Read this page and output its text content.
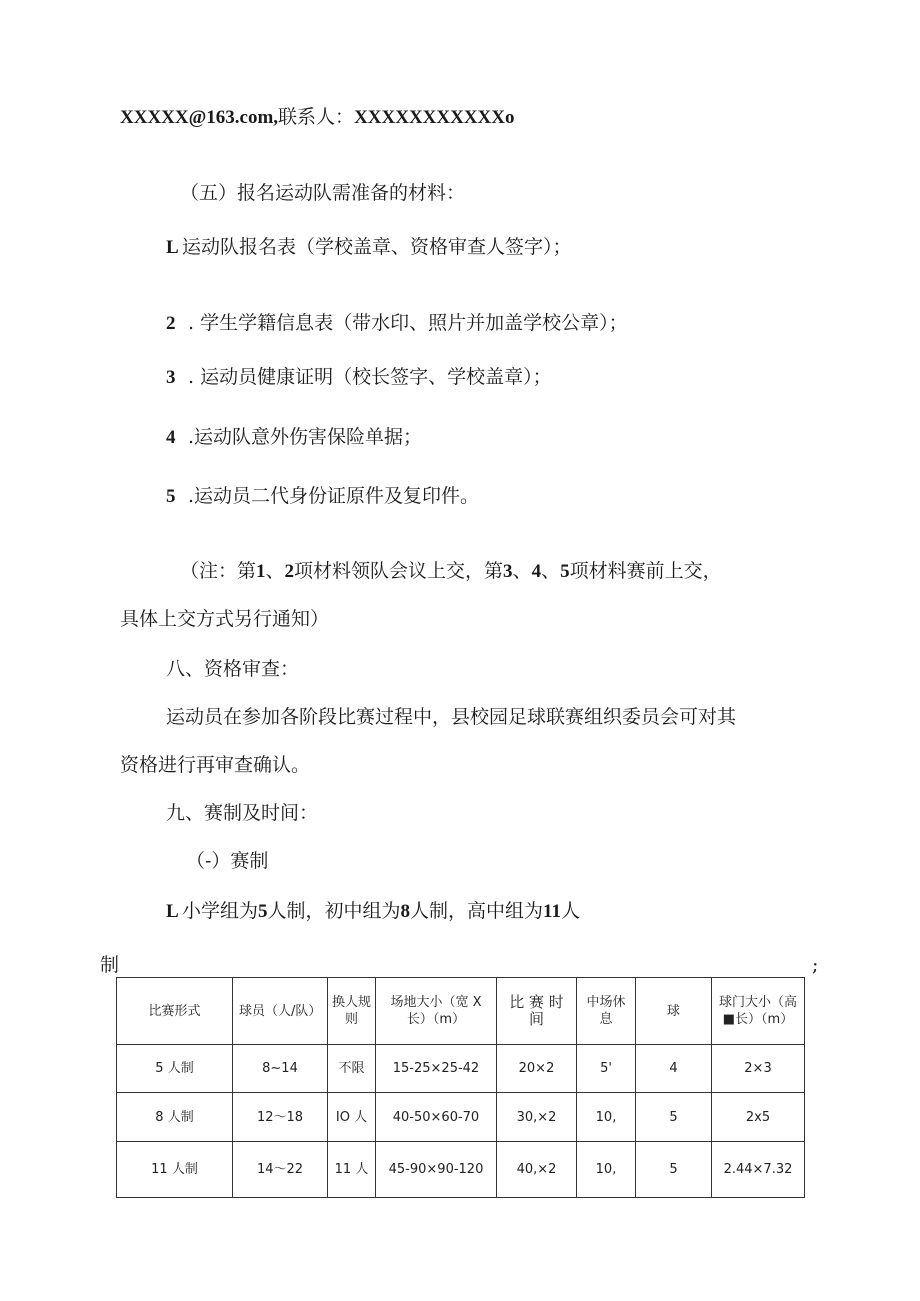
XXXXX@163.com,联系人：XXXXXXXXXXXo
（五）报名运动队需准备的材料：
L 运动队报名表（学校盖章、资格审查人签字）；
2 . 学生学籍信息表（带水印、照片并加盖学校公章）；
3 . 运动员健康证明（校长签字、学校盖章）；
4 .运动队意外伤害保险单据；
5 .运动员二代身份证原件及复印件。
（注：第1、2项材料领队会议上交，第3、4、5项材料赛前上交，
具体上交方式另行通知）
八、资格审查：
运动员在参加各阶段比赛过程中，县校园足球联赛组织委员会可对其
资格进行再审查确认。
九、赛制及时间：
（-）赛制
L 小学组为5人制，初中组为8人制，高中组为11人
制	;
比赛形式	球员（人/队）	换人规则	场地大小（宽 X 长）（m）	比 赛 时 间	中场休息	球	球门大小（高■长）（m）
5 人制	8~14	不限	15-25×25-42	20×2	5'	4	2×3
8 人制	12～18	IO 人	40-50×60-70	30,×2	10,	5	2x5
11 人制	14～22	11 人	45-90×90-120	40,×2	10,	5	2.44×7.32
